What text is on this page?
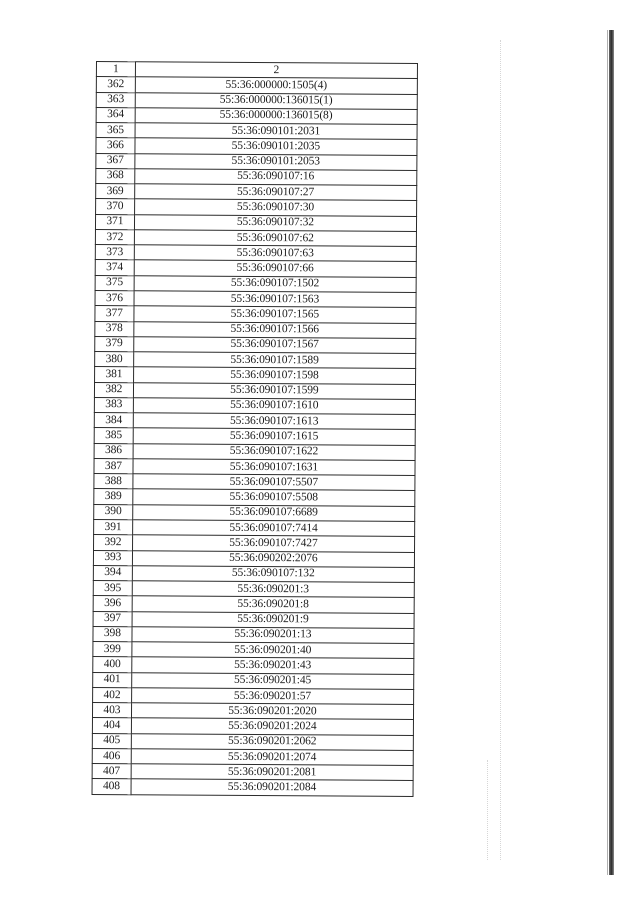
1	2
362	55:36:000000:1505(4)
363	55:36:000000:136015(1)
364	55:36:000000:136015(8)
365	55:36:090101:2031
366	55:36:090101:2035
367	55:36:090101:2053
368	55:36:090107:16
369	55:36:090107:27
370	55:36:090107:30
371	55:36:090107:32
372	55:36:090107:62
373	55:36:090107:63
374	55:36:090107:66
375	55:36:090107:1502
376	55:36:090107:1563
377	55:36:090107:1565
378	55:36:090107:1566
379	55:36:090107:1567
380	55:36:090107:1589
381	55:36:090107:1598
382	55:36:090107:1599
383	55:36:090107:1610
384	55:36:090107:1613
385	55:36:090107:1615
386	55:36:090107:1622
387	55:36:090107:1631
388	55:36:090107:5507
389	55:36:090107:5508
390	55:36:090107:6689
391	55:36:090107:7414
392	55:36:090107:7427
393	55:36:090202:2076
394	55:36:090107:132
395	55:36:090201:3
396	55:36:090201:8
397	55:36:090201:9
398	55:36:090201:13
399	55:36:090201:40
400	55:36:090201:43
401	55:36:090201:45
402	55:36:090201:57
403	55:36:090201:2020
404	55:36:090201:2024
405	55:36:090201:2062
406	55:36:090201:2074
407	55:36:090201:2081
408	55:36:090201:2084
